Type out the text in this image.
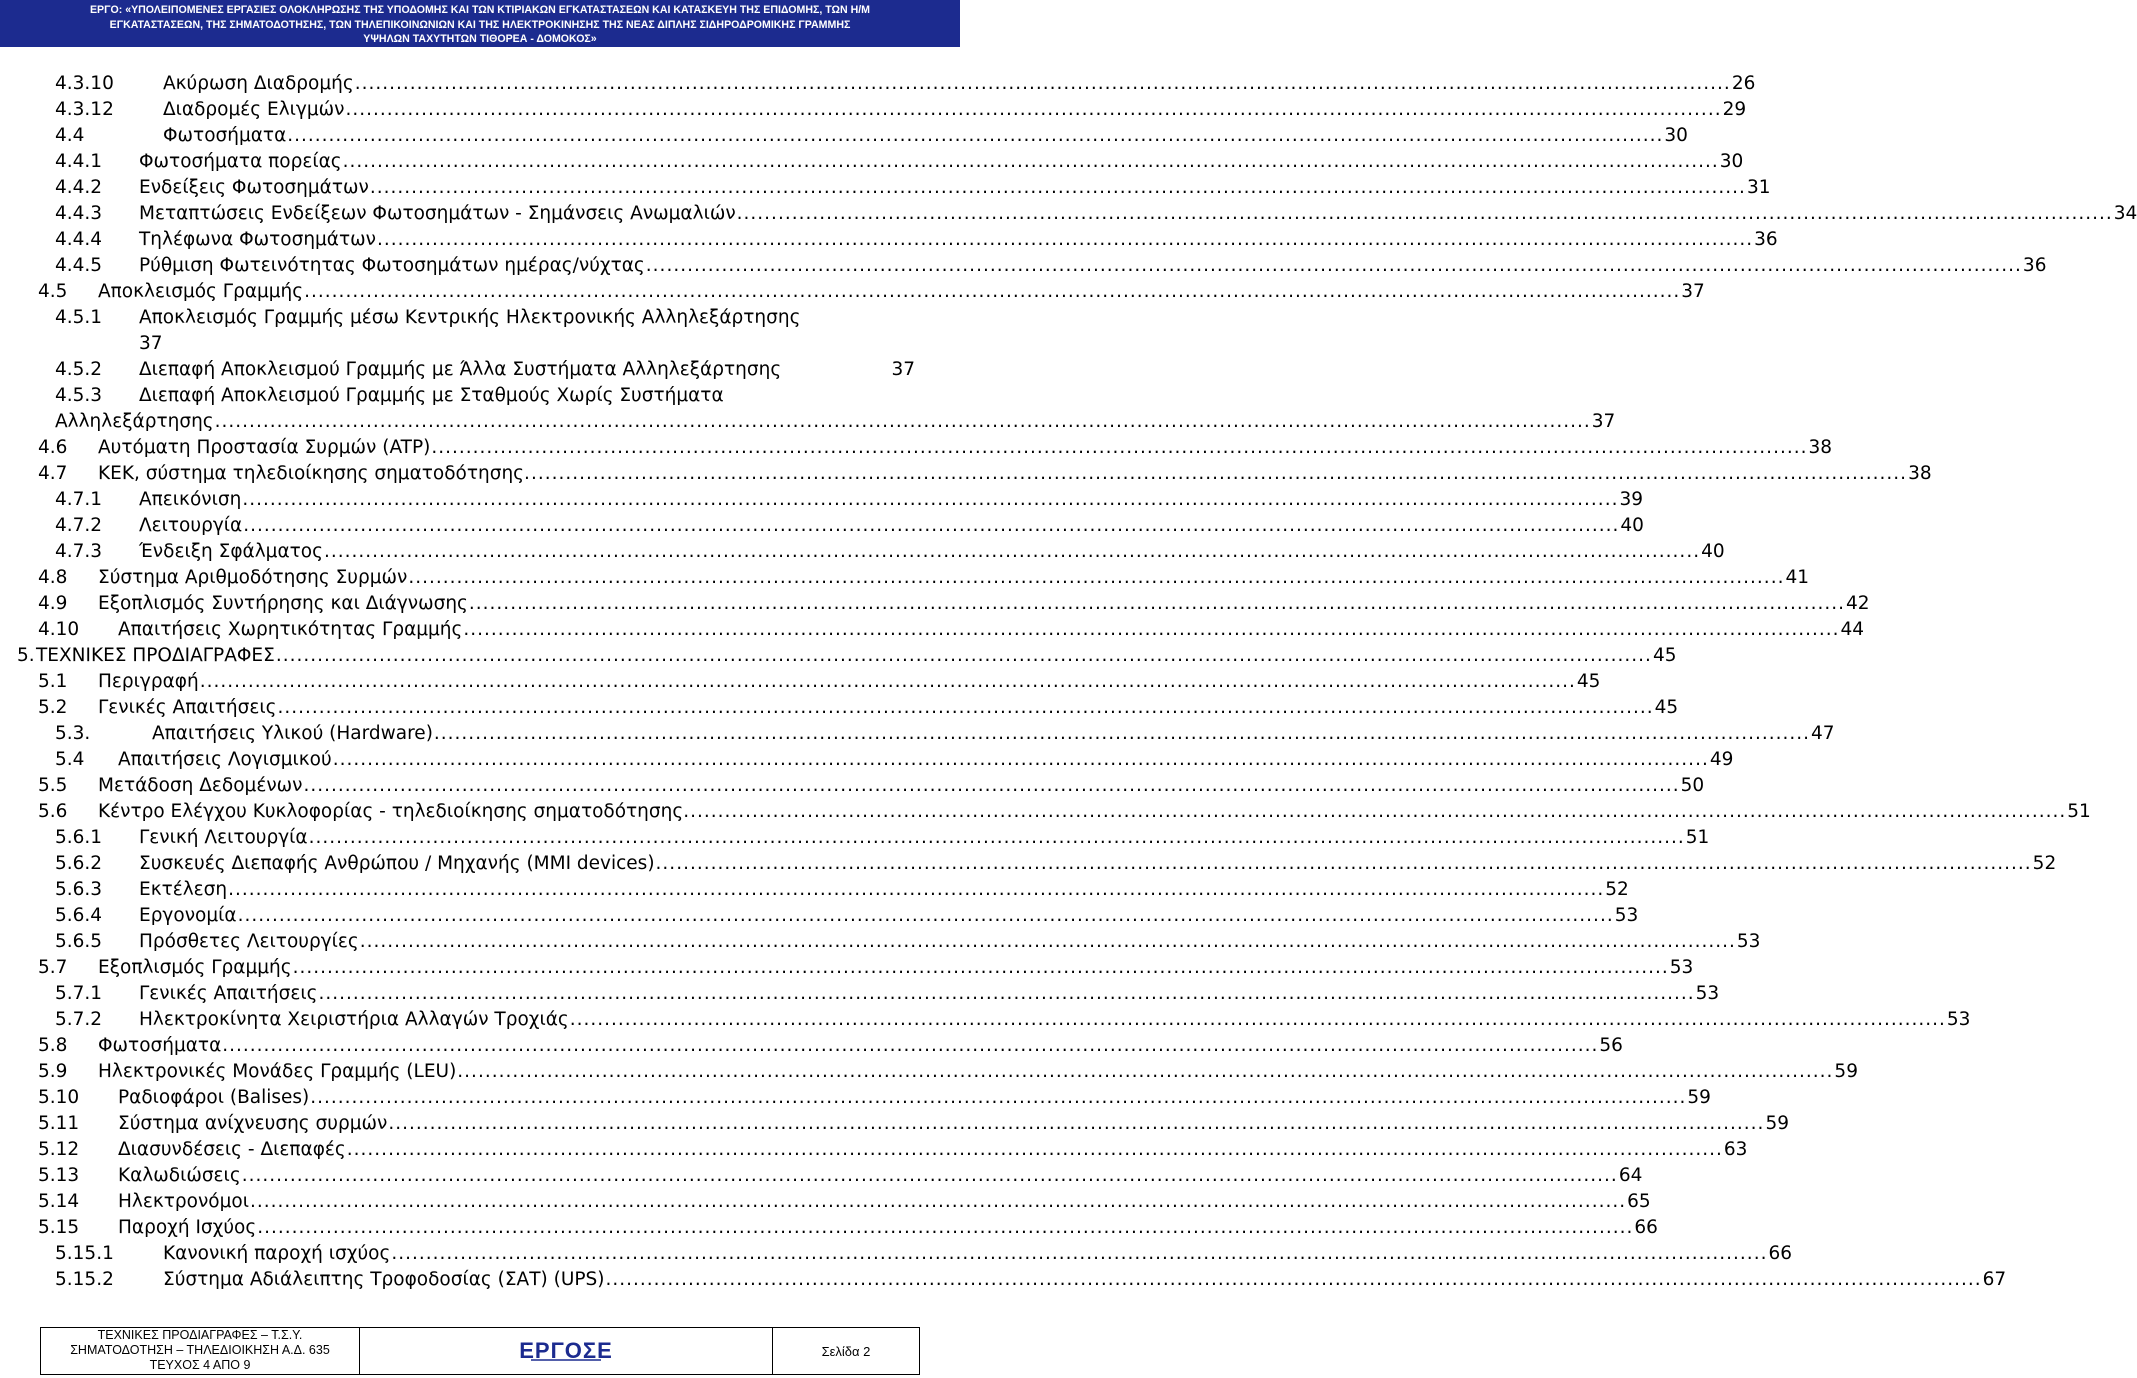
ΕΡΓΟ: «ΥΠΟΛΕΙΠΟΜΕΝΕΣ ΕΡΓΑΣΙΕΣ ΟΛΟΚΛΗΡΩΣΗΣ ΤΗΣ ΥΠΟΔΟΜΗΣ ΚΑΙ ΤΩΝ ΚΤΙΡΙΑΚΩΝ ΕΓΚΑΤΑΣΤΑΣΕΩΝ ΚΑΙ ΚΑΤΑΣΚΕΥΗ ΤΗΣ ΕΠΙΔΟΜΗΣ, ΤΩΝ Η/Μ
ΕΓΚΑΤΑΣΤΑΣΕΩΝ, ΤΗΣ ΣΗΜΑΤΟΔΟΤΗΣΗΣ, ΤΩΝ ΤΗΛΕΠΙΚΟΙΝΩΝΙΩΝ ΚΑΙ ΤΗΣ ΗΛΕΚΤΡΟΚΙΝΗΣΗΣ ΤΗΣ ΝΕΑΣ ΔΙΠΛΗΣ ΣΙΔΗΡΟΔΡΟΜΙΚΗΣ ΓΡΑΜΜΗΣ
ΥΨΗΛΩΝ ΤΑΧΥΤΗΤΩΝ ΤΙΘΟΡΕΑ - ΔΟΜΟΚΟΣ»
4.3.10	Ακύρωση Διαδρομής ........................................................................................................................................................................................................ 26
4.3.12	Διαδρομές Ελιγμών ........................................................................................................................................................................................................ 29
4.4	Φωτοσήματα ........................................................................................................................................................................................................ 30
4.4.1 Φωτοσήματα πορείας ........................................................................................................................................................................................................ 30
4.4.2 Ενδείξεις Φωτοσημάτων ........................................................................................................................................................................................................ 31
4.4.3 Μεταπτώσεις Ενδείξεων Φωτοσημάτων - Σημάνσεις Ανωμαλιών ........................................................................................................................................................................................................ 34
4.4.4 Τηλέφωνα Φωτοσημάτων ........................................................................................................................................................................................................ 36
4.4.5 Ρύθμιση Φωτεινότητας Φωτοσημάτων ημέρας/νύχτας ........................................................................................................................................................................................................ 36
4.5 Αποκλεισμός Γραμμής ........................................................................................................................................................................................................ 37
4.5.1 Αποκλεισμός Γραμμής μέσω Κεντρικής Ηλεκτρονικής Αλληλεξάρτησης
37
4.5.2 Διεπαφή Αποκλεισμού Γραμμής με Άλλα Συστήματα Αλληλεξάρτησης	37
4.5.3 Διεπαφή Αποκλεισμού Γραμμής με Σταθμούς Χωρίς Συστήματα
Αλληλεξάρτησης ........................................................................................................................................................................................................ 37
4.6 Αυτόματη Προστασία Συρμών (ATP) ........................................................................................................................................................................................................ 38
4.7 ΚΕΚ, σύστημα τηλεδιοίκησης σηματοδότησης. ........................................................................................................................................................................................................ 38
4.7.1 Απεικόνιση ........................................................................................................................................................................................................ 39
4.7.2 Λειτουργία ........................................................................................................................................................................................................ 40
4.7.3 Ένδειξη Σφάλματος ........................................................................................................................................................................................................ 40
4.8 Σύστημα Αριθμοδότησης Συρμών ........................................................................................................................................................................................................ 41
4.9 Εξοπλισμός Συντήρησης και Διάγνωσης ........................................................................................................................................................................................................ 42
4.10 Απαιτήσεις Χωρητικότητας Γραμμής ........................................................................................................................................................................................................ 44
5. ΤΕΧΝΙΚΕΣ ΠΡΟΔΙΑΓΡΑΦΕΣ ........................................................................................................................................................................................................ 45
5.1 Περιγραφή ........................................................................................................................................................................................................ 45
5.2 Γενικές Απαιτήσεις ........................................................................................................................................................................................................ 45
5.3.	Απαιτήσεις Υλικού (Hardware) ........................................................................................................................................................................................................ 47
5.4 Απαιτήσεις Λογισμικού ........................................................................................................................................................................................................ 49
5.5 Μετάδοση Δεδομένων ........................................................................................................................................................................................................ 50
5.6 Κέντρο Ελέγχου Κυκλοφορίας - τηλεδιοίκησης σηματοδότησης. ........................................................................................................................................................................................................ 51
5.6.1 Γενική Λειτουργία ........................................................................................................................................................................................................ 51
5.6.2 Συσκευές Διεπαφής Ανθρώπου / Μηχανής (MMI devices) ........................................................................................................................................................................................................ 52
5.6.3 Εκτέλεση ........................................................................................................................................................................................................ 52
5.6.4 Εργονομία ........................................................................................................................................................................................................ 53
5.6.5 Πρόσθετες Λειτουργίες ........................................................................................................................................................................................................ 53
5.7 Εξοπλισμός Γραμμής ........................................................................................................................................................................................................ 53
5.7.1 Γενικές Απαιτήσεις ........................................................................................................................................................................................................ 53
5.7.2 Ηλεκτροκίνητα Χειριστήρια Αλλαγών Τροχιάς ........................................................................................................................................................................................................ 53
5.8 Φωτοσήματα ........................................................................................................................................................................................................ 56
5.9 Ηλεκτρονικές Μονάδες Γραμμής (LEU) ........................................................................................................................................................................................................ 59
5.10 Ραδιοφάροι (Balises) ........................................................................................................................................................................................................ 59
5.11 Σύστημα ανίχνευσης συρμών ........................................................................................................................................................................................................ 59
5.12 Διασυνδέσεις - Διεπαφές ........................................................................................................................................................................................................ 63
5.13 Καλωδιώσεις ........................................................................................................................................................................................................ 64
5.14 Ηλεκτρονόμοι ........................................................................................................................................................................................................ 65
5.15 Παροχή Ισχύος ........................................................................................................................................................................................................ 66
5.15.1	Κανονική παροχή ισχύος ........................................................................................................................................................................................................ 66
5.15.2	Σύστημα Αδιάλειπτης Τροφοδοσίας (ΣΑΤ) (UPS) ........................................................................................................................................................................................................ 67
ΤΕΧΝΙΚΕΣ ΠΡΟΔΙΑΓΡΑΦΕΣ – Τ.Σ.Υ.
ΣΗΜΑΤΟΔΟΤΗΣΗ – ΤΗΛΕΔΙΟΙΚΗΣΗ Α.Δ. 635
ΤΕΥΧΟΣ 4 ΑΠΟ 9
ΕΡΓΟΣΕ	Σελίδα 2
